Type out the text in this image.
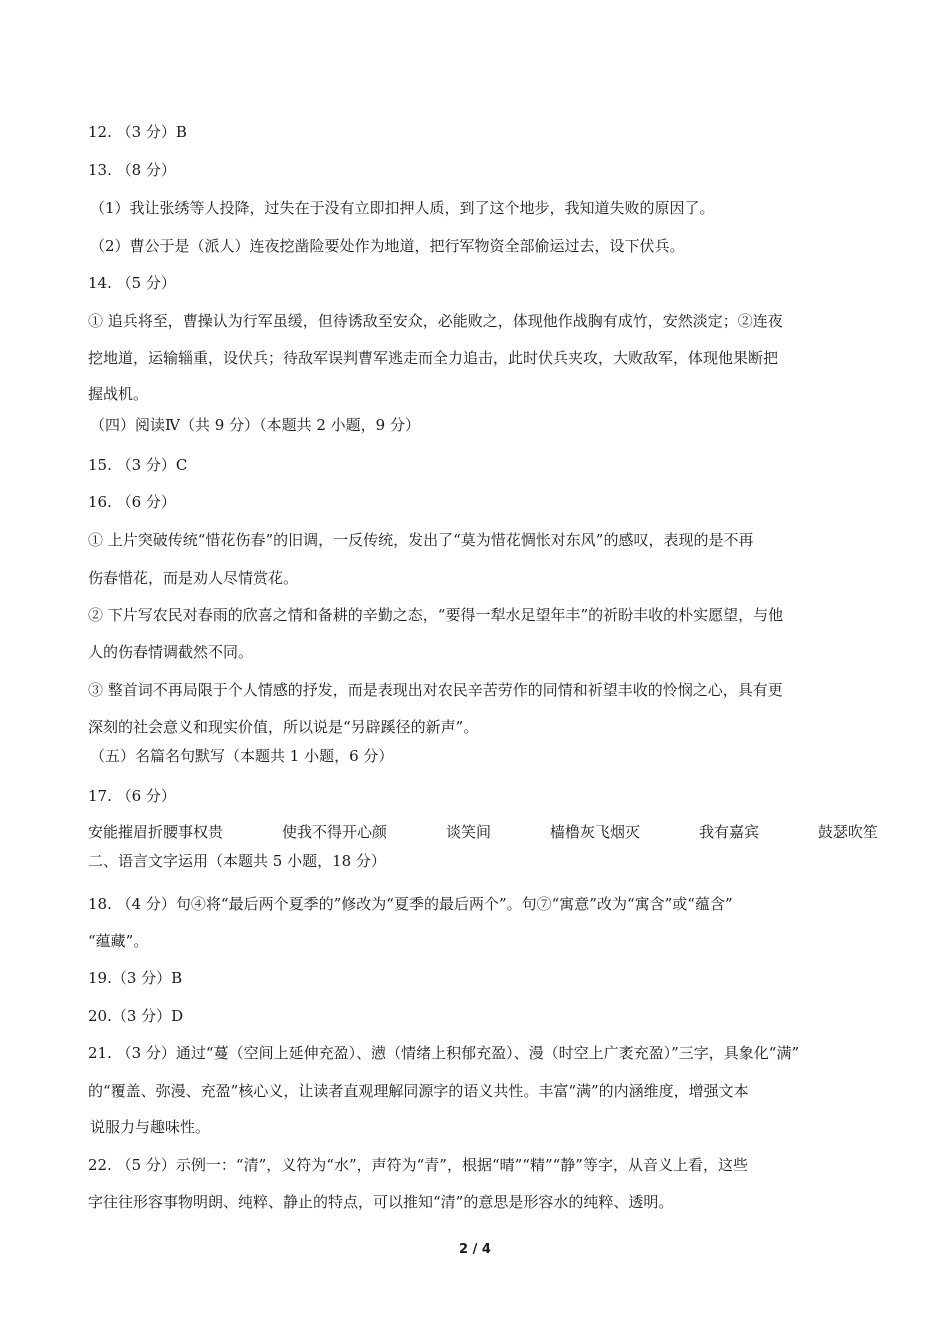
12. （3 分）B
13. （8 分）
（1）我让张绣等人投降，过失在于没有立即扣押人质，到了这个地步，我知道失败的原因了。
（2）曹公于是（派人）连夜挖凿险要处作为地道，把行军物资全部偷运过去，设下伏兵。
14. （5 分）
① 追兵将至，曹操认为行军虽缓，但待诱敌至安众，必能败之，体现他作战胸有成竹，安然淡定；②连夜
挖地道，运输辎重，设伏兵；待敌军误判曹军逃走而全力追击，此时伏兵夹攻，大败敌军，体现他果断把
握战机。
（四）阅读Ⅳ（共 9 分）（本题共 2 小题，9 分）
15. （3 分）C
16. （6 分）
① 上片突破传统“惜花伤春”的旧调，一反传统，发出了“莫为惜花惆怅对东风”的感叹，表现的是不再
伤春惜花，而是劝人尽情赏花。
② 下片写农民对春雨的欣喜之情和备耕的辛勤之态，“要得一犁水足望年丰”的祈盼丰收的朴实愿望，与他
人的伤春情调截然不同。
③ 整首词不再局限于个人情感的抒发，而是表现出对农民辛苦劳作的同情和祈望丰收的怜悯之心，具有更
深刻的社会意义和现实价值，所以说是“另辟蹊径的新声”。
（五）名篇名句默写（本题共 1 小题，6 分）
17. （6 分）
安能摧眉折腰事权贵	使我不得开心颜	谈笑间	樯橹灰飞烟灭	我有嘉宾	鼓瑟吹笙
二、语言文字运用（本题共 5 小题，18 分）
18. （4 分）句④将“最后两个夏季的”修改为“夏季的最后两个”。句⑦“寓意”改为“寓含”或“蕴含”
“蕴藏”。
19.（3 分）B
20.（3 分）D
21. （3 分）通过“蔓（空间上延伸充盈）、懑（情绪上积郁充盈）、漫（时空上广袤充盈）”三字，具象化“满”
的“覆盖、弥漫、充盈”核心义，让读者直观理解同源字的语义共性。丰富“满”的内涵维度，增强文本
说服力与趣味性。
22. （5 分）示例一：“清”，义符为“水”，声符为“青”，根据“晴”“精”“静”等字，从音义上看，这些
字往往形容事物明朗、纯粹、静止的特点，可以推知“清”的意思是形容水的纯粹、透明。
2 / 4
